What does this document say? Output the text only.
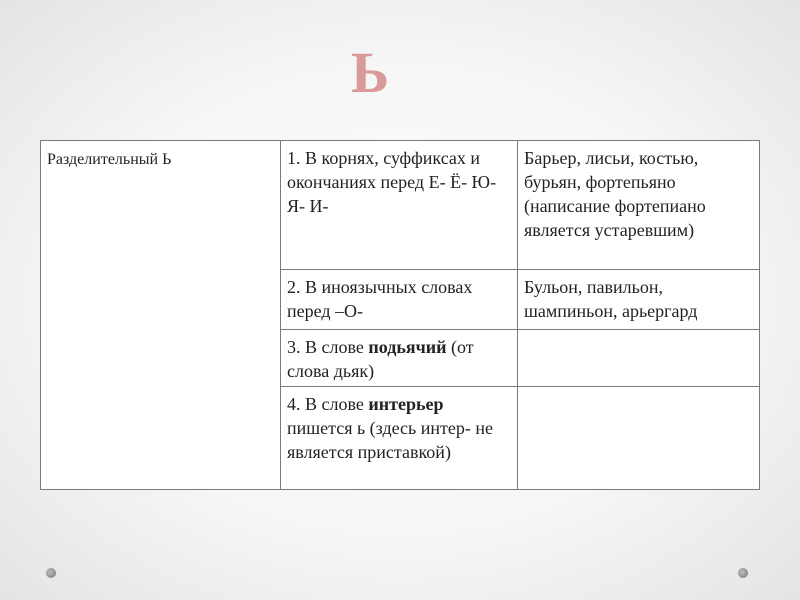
Ь
Разделительный Ь	1. В корнях, суффиксах и окончаниях перед Е- Ё- Ю- Я- И-	Барьер, лисьи, костью, бурьян, фортепьяно (написание фортепиано является устаревшим)
	2. В иноязычных словах перед –О-	Бульон, павильон, шампиньон, арьергард
	3. В слове подьячий (от слова дьяк)	
	4. В слове интерьер пишется ь (здесь интер- не является приставкой)	
